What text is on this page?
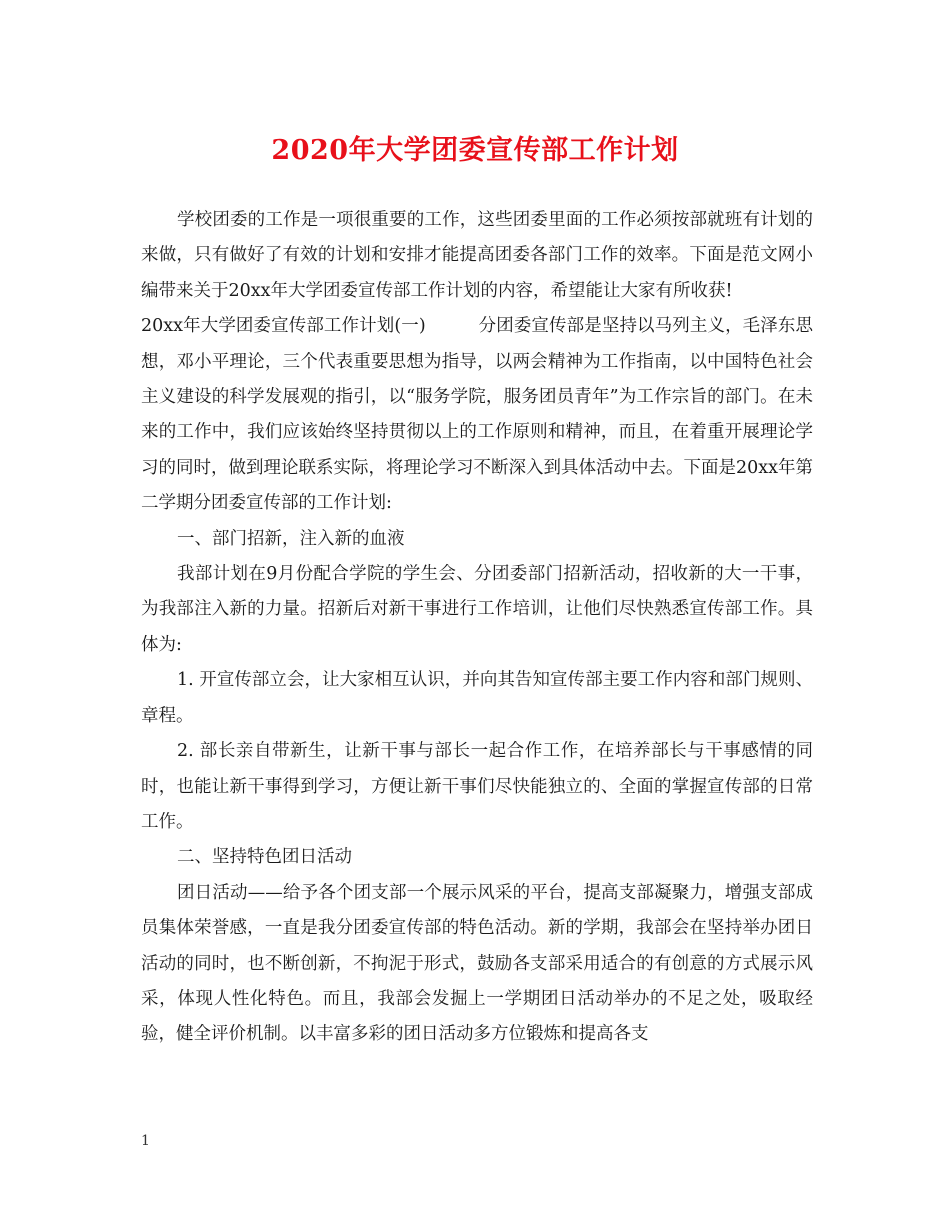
2020年大学团委宣传部工作计划

学校团委的工作是一项很重要的工作，这些团委里面的工作必须按部就班有计划的来做，只有做好了有效的计划和安排才能提高团委各部门工作的效率。下面是范文网小编带来关于20xx年大学团委宣传部工作计划的内容，希望能让大家有所收获!

20xx年大学团委宣传部工作计划(一)　　　分团委宣传部是坚持以马列主义，毛泽东思想，邓小平理论，三个代表重要思想为指导，以两会精神为工作指南，以中国特色社会主义建设的科学发展观的指引，以“服务学院，服务团员青年”为工作宗旨的部门。在未来的工作中，我们应该始终坚持贯彻以上的工作原则和精神，而且，在着重开展理论学习的同时，做到理论联系实际，将理论学习不断深入到具体活动中去。下面是20xx年第二学期分团委宣传部的工作计划:

一、部门招新，注入新的血液

我部计划在9月份配合学院的学生会、分团委部门招新活动，招收新的大一干事，为我部注入新的力量。招新后对新干事进行工作培训，让他们尽快熟悉宣传部工作。具体为:

1. 开宣传部立会，让大家相互认识，并向其告知宣传部主要工作内容和部门规则、章程。

2. 部长亲自带新生，让新干事与部长一起合作工作，在培养部长与干事感情的同时，也能让新干事得到学习，方便让新干事们尽快能独立的、全面的掌握宣传部的日常工作。

二、坚持特色团日活动

团日活动——给予各个团支部一个展示风采的平台，提高支部凝聚力，增强支部成员集体荣誉感，一直是我分团委宣传部的特色活动。新的学期，我部会在坚持举办团日活动的同时，也不断创新，不拘泥于形式，鼓励各支部采用适合的有创意的方式展示风采，体现人性化特色。而且，我部会发掘上一学期团日活动举办的不足之处，吸取经验，健全评价机制。以丰富多彩的团日活动多方位锻炼和提高各支

1
